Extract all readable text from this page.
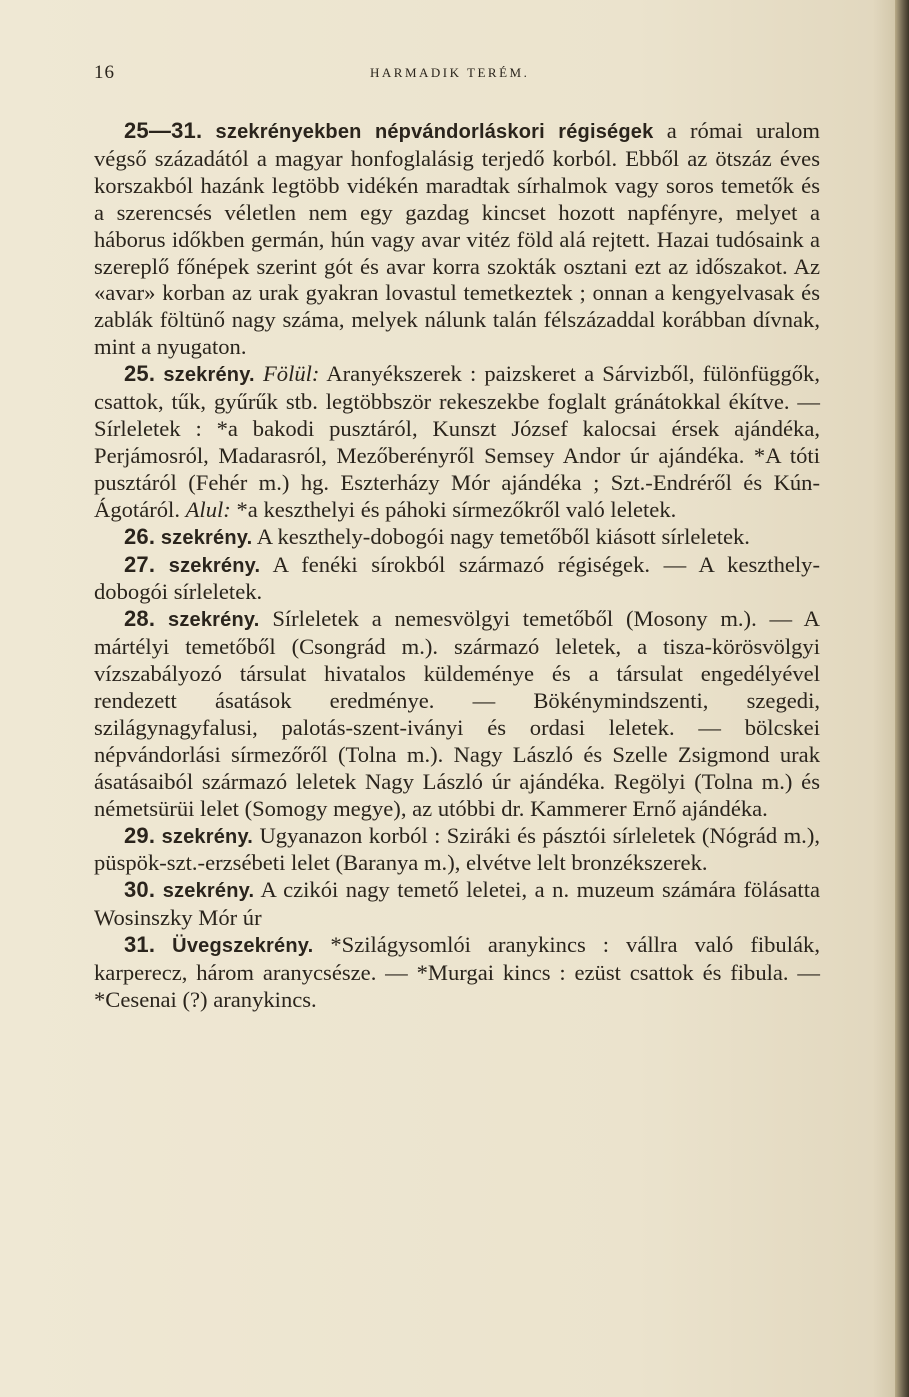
16	HARMADIK TERÉM.

25—31. szekrényekben népvándorláskori régiségek a római uralom végső századától a magyar honfoglalásig terjedő korból. Ebből az ötszáz éves korszakból hazánk legtöbb vidékén maradtak sírhalmok vagy soros temetők és a szerencsés véletlen nem egy gazdag kincset hozott napfényre, melyet a háborus időkben germán, hún vagy avar vitéz föld alá rejtett. Hazai tudósaink a szereplő főnépek szerint gót és avar korra szokták osztani ezt az időszakot. Az «avar» korban az urak gyakran lovastul temetkeztek ; onnan a kengyelvasak és zablák föltünő nagy száma, melyek nálunk talán félszázaddal korábban dívnak, mint a nyugaton.

25. szekrény. Fölül: Aranyékszerek : paizskeret a Sárvizből, fülönfüggők, csattok, tűk, gyűrűk stb. legtöbbször rekeszekbe foglalt gránátokkal ékítve. — Sírleletek : *a bakodi pusztáról, Kunszt József kalocsai érsek ajándéka, Perjámosról, Madarasról, Mezőberényről Semsey Andor úr ajándéka. *A tóti pusztáról (Fehér m.) hg. Eszterházy Mór ajándéka ; Szt.-Endréről és Kún-Ágotáról. Alul: *a keszthelyi és páhoki sírmezőkről való leletek.

26. szekrény. A keszthely-dobogói nagy temetőből kiásott sírleletek.

27. szekrény. A fenéki sírokból származó régiségek. — A keszthely-dobogói sírleletek.

28. szekrény. Sírleletek a nemesvölgyi temetőből (Mosony m.). — A mártélyi temetőből (Csongrád m.). származó leletek, a tisza-körösvölgyi vízszabályozó társulat hivatalos küldeménye és a társulat engedélyével rendezett ásatások eredménye. — Bökénymindszenti, szegedi, szilágynagyfalusi, palotás-szent-iványi és ordasi leletek. — bölcskei népvándorlási sírmezőről (Tolna m.). Nagy László és Szelle Zsigmond urak ásatásaiból származó leletek Nagy László úr ajándéka. Regölyi (Tolna m.) és németsürüi lelet (Somogy megye), az utóbbi dr. Kammerer Ernő ajándéka.

29. szekrény. Ugyanazon korból : Sziráki és pásztói sírleletek (Nógrád m.), püspök-szt.-erzsébeti lelet (Baranya m.), elvétve lelt bronzékszerek.

30. szekrény. A czikói nagy temető leletei, a n. muzeum számára fölásatta Wosinszky Mór úr

31. Üvegszekrény. *Szilágysomlói aranykincs : vállra való fibulák, karperecz, három aranycsésze. — *Murgai kincs : ezüst csattok és fibula. — *Cesenai (?) aranykincs.
